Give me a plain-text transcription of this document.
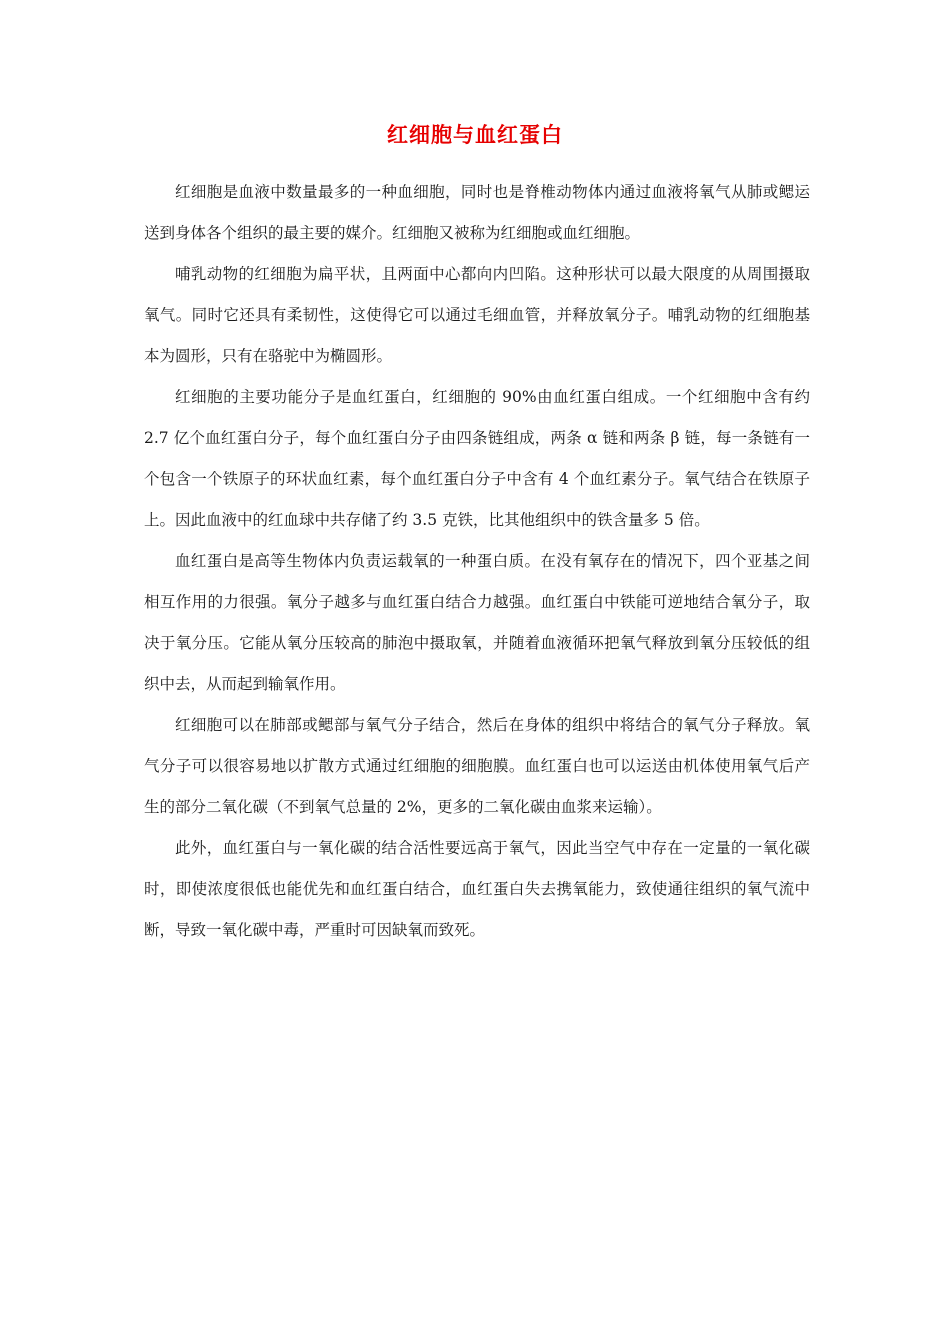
红细胞与血红蛋白

红细胞是血液中数量最多的一种血细胞，同时也是脊椎动物体内通过血液将氧气从肺或鳃运送到身体各个组织的最主要的媒介。红细胞又被称为红细胞或血红细胞。

哺乳动物的红细胞为扁平状，且两面中心都向内凹陷。这种形状可以最大限度的从周围摄取氧气。同时它还具有柔韧性，这使得它可以通过毛细血管，并释放氧分子。哺乳动物的红细胞基本为圆形，只有在骆驼中为椭圆形。

红细胞的主要功能分子是血红蛋白，红细胞的 90%由血红蛋白组成。一个红细胞中含有约 2.7 亿个血红蛋白分子，每个血红蛋白分子由四条链组成，两条 α 链和两条 β 链，每一条链有一个包含一个铁原子的环状血红素，每个血红蛋白分子中含有 4 个血红素分子。氧气结合在铁原子上。因此血液中的红血球中共存储了约 3.5 克铁，比其他组织中的铁含量多 5 倍。

血红蛋白是高等生物体内负责运载氧的一种蛋白质。在没有氧存在的情况下，四个亚基之间相互作用的力很强。氧分子越多与血红蛋白结合力越强。血红蛋白中铁能可逆地结合氧分子，取决于氧分压。它能从氧分压较高的肺泡中摄取氧，并随着血液循环把氧气释放到氧分压较低的组织中去，从而起到输氧作用。

红细胞可以在肺部或鳃部与氧气分子结合，然后在身体的组织中将结合的氧气分子释放。氧气分子可以很容易地以扩散方式通过红细胞的细胞膜。血红蛋白也可以运送由机体使用氧气后产生的部分二氧化碳（不到氧气总量的 2%，更多的二氧化碳由血浆来运输）。

此外，血红蛋白与一氧化碳的结合活性要远高于氧气，因此当空气中存在一定量的一氧化碳时，即使浓度很低也能优先和血红蛋白结合，血红蛋白失去携氧能力，致使通往组织的氧气流中断，导致一氧化碳中毒，严重时可因缺氧而致死。
